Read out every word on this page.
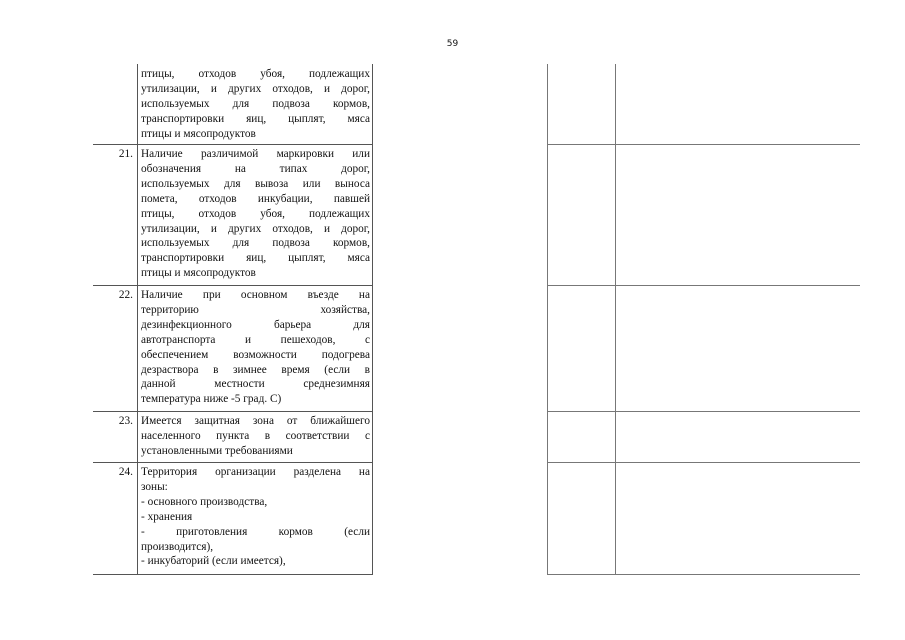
59
птицы, отходов убоя, подлежащих
утилизации, и других отходов, и дорог,
используемых для подвоза кормов,
транспортировки яиц, цыплят, мяса
птицы и мясопродуктов
21. Наличие различимой маркировки или
обозначения на типах дорог,
используемых для вывоза или выноса
помета, отходов инкубации, павшей
птицы, отходов убоя, подлежащих
утилизации, и других отходов, и дорог,
используемых для подвоза кормов,
транспортировки яиц, цыплят, мяса
птицы и мясопродуктов
22. Наличие при основном въезде на
территорию хозяйства,
дезинфекционного барьера для
автотранспорта и пешеходов, с
обеспечением возможности подогрева
дезраствора в зимнее время (если в
данной местности среднезимняя
температура ниже -5 град. С)
23. Имеется защитная зона от ближайшего
населенного пункта в соответствии с
установленными требованиями
24. Территория организации разделена на
зоны:
- основного производства,
- хранения
- приготовления кормов (если
производится),
- инкубаторий (если имеется),
